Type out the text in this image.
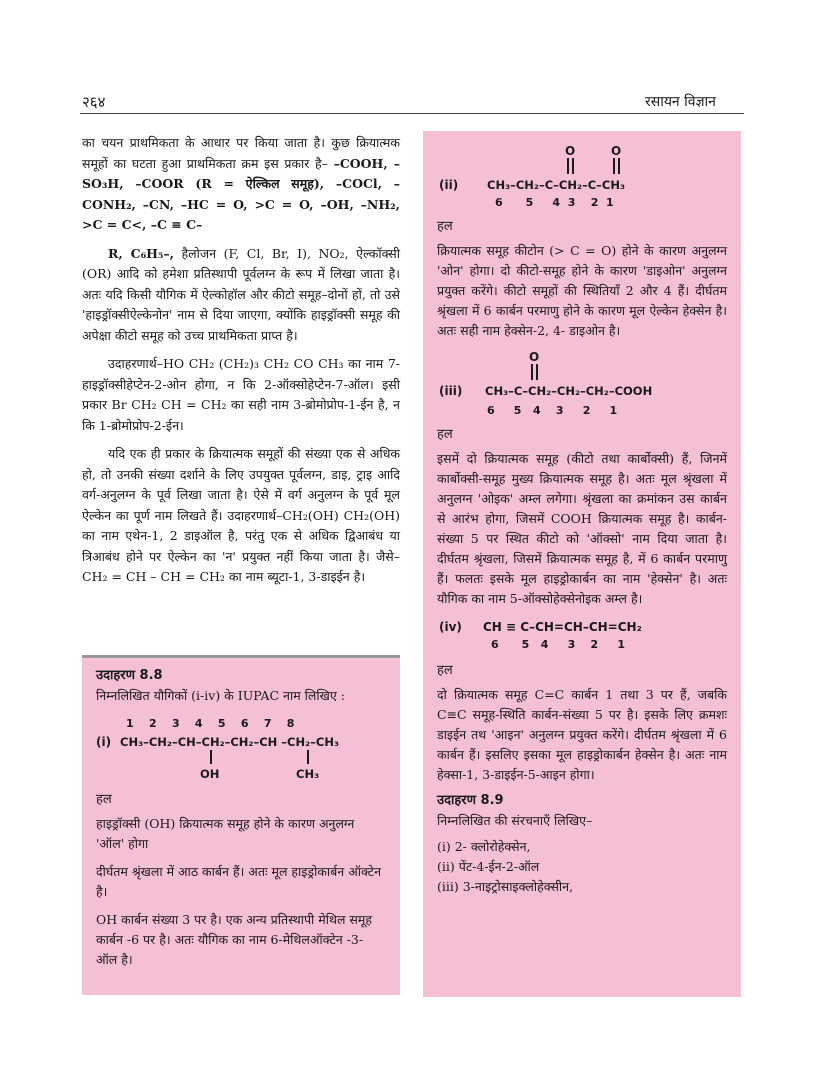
२६४	रसायन विज्ञान

का चयन प्राथमिकता के आधार पर किया जाता है। कुछ क्रियात्मक समूहों का घटता हुआ प्राथमिकता क्रम इस प्रकार है– –COOH, –SO₃H, –COOR (R = ऐल्किल समूह), –COCl, –CONH₂, –CN, –HC = O, >C = O, –OH, –NH₂, >C = C<, –C ≡ C–

R, C₆H₅–, हैलोजन (F, Cl, Br, I), NO₂, ऐल्कॉक्सी (OR) आदि को हमेशा प्रतिस्थापी पूर्वलग्न के रूप में लिखा जाता है। अतः यदि किसी यौगिक में ऐल्कोहॉल और कीटो समूह–दोनों हों, तो उसे 'हाइड्रॉक्सीऐल्केनोन' नाम से दिया जाएगा, क्योंकि हाइड्रॉक्सी समूह की अपेक्षा कीटो समूह को उच्च प्राथमिकता प्राप्त है।

उदाहरणार्थ–HO CH₂ (CH₂)₃ CH₂ CO CH₃ का नाम 7- हाइड्रॉक्सीहेप्टेन-2-ओन होगा, न कि 2-ऑक्सोहेप्टेन-7-ऑल। इसी प्रकार Br CH₂ CH = CH₂ का सही नाम 3-ब्रोमोप्रोप-1-ईन है, न कि 1-ब्रोमोप्रोप-2-ईन।

यदि एक ही प्रकार के क्रियात्मक समूहों की संख्या एक से अधिक हो, तो उनकी संख्या दर्शाने के लिए उपयुक्त पूर्वलग्न, डाइ, ट्राइ आदि वर्ग-अनुलग्न के पूर्व लिखा जाता है। ऐसे में वर्ग अनुलग्न के पूर्व मूल ऐल्केन का पूर्ण नाम लिखते हैं। उदाहरणार्थ–CH₂(OH) CH₂(OH) का नाम एथेन-1, 2 डाइऑल है, परंतु एक से अधिक द्विआबंध या त्रिआबंध होने पर ऐल्केन का 'न' प्रयुक्त नहीं किया जाता है। जैसे–CH₂ = CH – CH = CH₂ का नाम ब्यूटा-1, 3-डाइईन है।

उदाहरण 8.8

निम्नलिखित यौगिकों (i-iv) के IUPAC नाम लिखिए :

1    2    3    4    5    6    7    8
(i) CH₃–CH₂–CH–CH₂–CH₂–CH –CH₂–CH₃
OH	CH₃
हल

हाइड्रॉक्सी (OH) क्रियात्मक समूह होने के कारण अनुलग्न 'ऑल' होगा

दीर्घतम श्रृंखला में आठ कार्बन हैं। अतः मूल हाइड्रोकार्बन ऑक्टेन है।

OH कार्बन संख्या 3 पर है। एक अन्य प्रतिस्थापी मेथिल समूह कार्बन -6 पर है। अतः यौगिक का नाम 6-मेथिलऑक्टेन -3- ऑल है।

O	O
(ii)	CH₃–CH₂–C–CH₂–C–CH₃
6      5     4  3    2  1
हल

क्रियात्मक समूह कीटोन (> C = O) होने के कारण अनुलग्न 'ओन' होगा। दो कीटो-समूह होने के कारण 'डाइओन' अनुलग्न प्रयुक्त करेंगे। कीटो समूहों की स्थितियाँ 2 और 4 हैं। दीर्घतम श्रृंखला में 6 कार्बन परमाणु होने के कारण मूल ऐल्केन हेक्सेन है। अतः सही नाम हेक्सेन-2, 4- डाइओन है।

O
(iii) CH₃–C–CH₂–CH₂–CH₂–COOH
6     5   4    3     2     1
हल

इसमें दो क्रियात्मक समूह (कीटो तथा कार्बोक्सी) हैं, जिनमें कार्बोक्सी-समूह मुख्य क्रियात्मक समूह है। अतः मूल श्रृंखला में अनुलग्न 'ओइक' अम्ल लगेगा। श्रृंखला का क्रमांकन उस कार्बन से आरंभ होगा, जिसमें COOH क्रियात्मक समूह है। कार्बन-संख्या 5 पर स्थित कीटो को 'ऑक्सो' नाम दिया जाता है। दीर्घतम श्रृंखला, जिसमें क्रियात्मक समूह है, में 6 कार्बन परमाणु हैं। फलतः इसके मूल हाइड्रोकार्बन का नाम 'हेक्सेन' है। अतः यौगिक का नाम 5-ऑक्सोहेक्सेनोइक अम्ल है।

(iv) CH ≡ C–CH=CH–CH=CH₂
6      5   4     3    2     1
हल

दो क्रियात्मक समूह C=C कार्बन 1 तथा 3 पर हैं, जबकि C≡C समूह-स्थिति कार्बन-संख्या 5 पर है। इसके लिए क्रमशः डाइईन तथ 'आइन' अनुलग्न प्रयुक्त करेंगे। दीर्घतम श्रृंखला में 6 कार्बन हैं। इसलिए इसका मूल हाइड्रोकार्बन हेक्सेन है। अतः नाम हेक्सा-1, 3-डाइईन-5-आइन होगा।

उदाहरण 8.9

निम्नलिखित की संरचनाएँ लिखिए–

(i) 2- क्लोरोहेक्सेन,

(ii) पेंट-4-ईन-2-ऑल

(iii) 3-नाइट्रोसाइक्लोहेक्सीन,
